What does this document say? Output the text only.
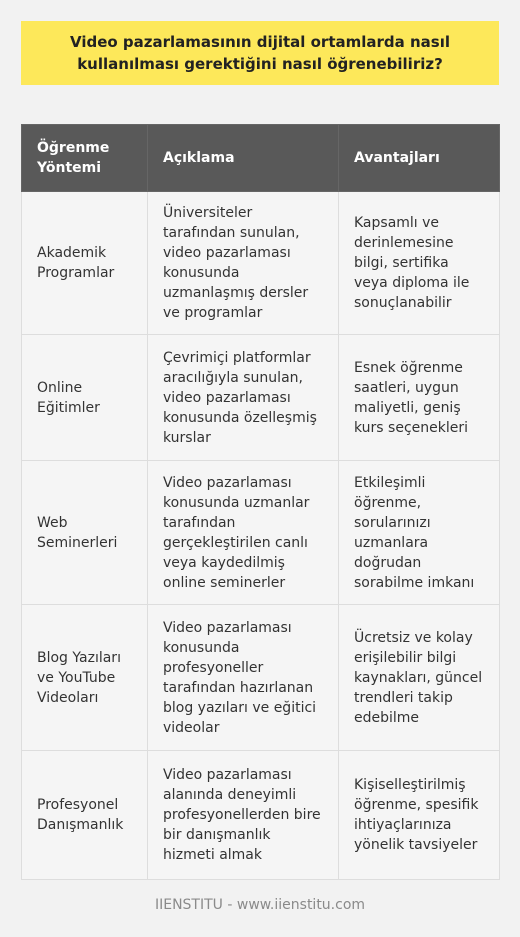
Video pazarlamasının dijital ortamlarda nasıl kullanılması gerektiğini nasıl öğrenebiliriz?
Öğrenme Yöntemi	Açıklama	Avantajları
Akademik Programlar	Üniversiteler tarafından sunulan, video pazarlaması konusunda uzmanlaşmış dersler ve programlar	Kapsamlı ve derinlemesine bilgi, sertifika veya diploma ile sonuçlanabilir
Online Eğitimler	Çevrimiçi platformlar aracılığıyla sunulan, video pazarlaması konusunda özelleşmiş kurslar	Esnek öğrenme saatleri, uygun maliyetli, geniş kurs seçenekleri
Web Seminerleri	Video pazarlaması konusunda uzmanlar tarafından gerçekleştirilen canlı veya kaydedilmiş online seminerler	Etkileşimli öğrenme, sorularınızı uzmanlara doğrudan sorabilme imkanı
Blog Yazıları ve YouTube Videoları	Video pazarlaması konusunda profesyoneller tarafından hazırlanan blog yazıları ve eğitici videolar	Ücretsiz ve kolay erişilebilir bilgi kaynakları, güncel trendleri takip edebilme
Profesyonel Danışmanlık	Video pazarlaması alanında deneyimli profesyonellerden bire bir danışmanlık hizmeti almak	Kişiselleştirilmiş öğrenme, spesifik ihtiyaçlarınıza yönelik tavsiyeler
IIENSTITU - www.iienstitu.com
